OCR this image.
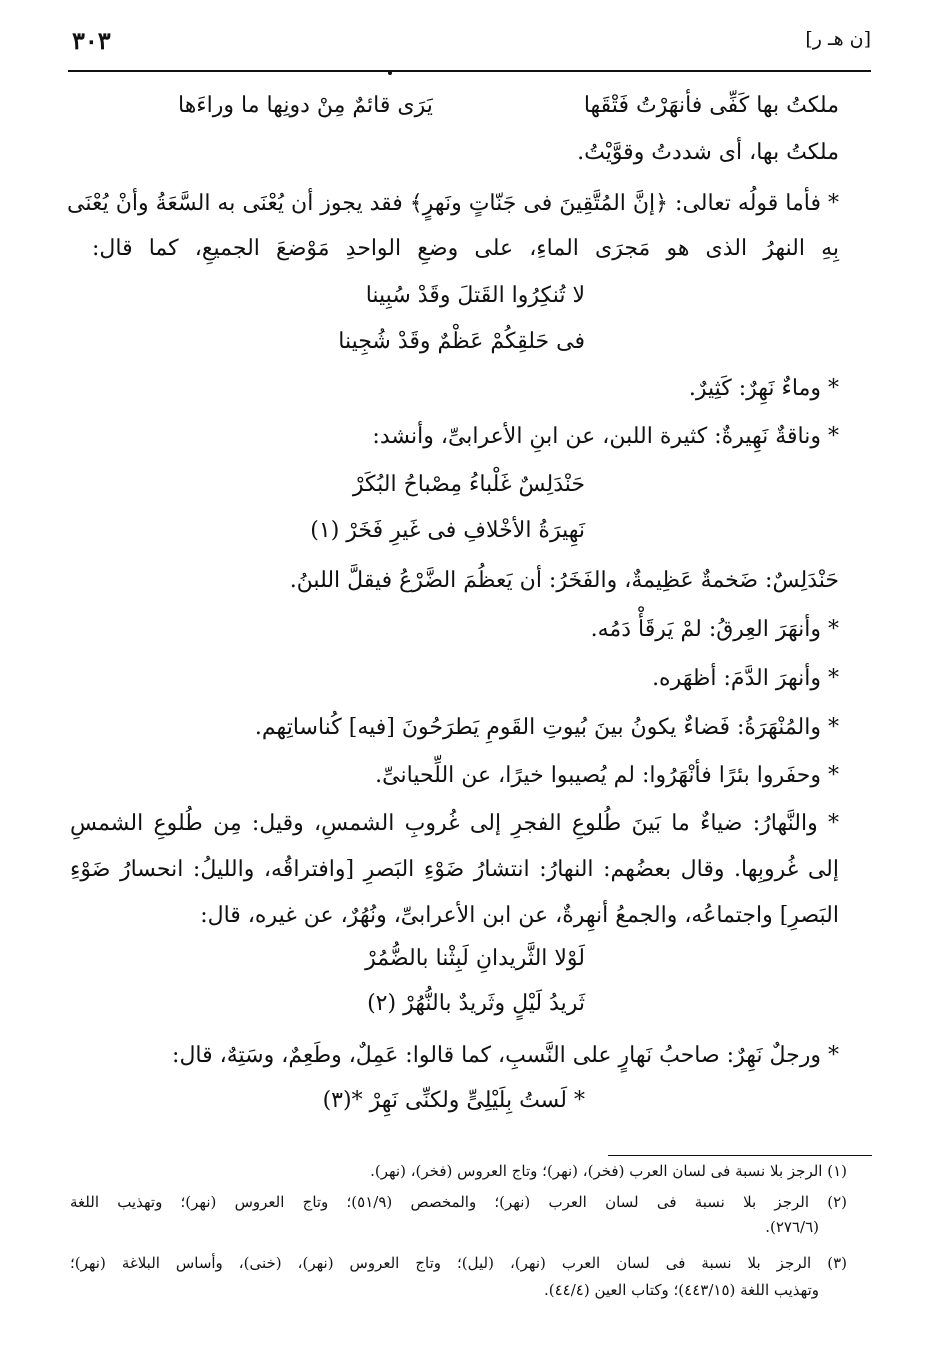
[ن هـ ر]
٣٠٣
ملكتُ بها كَفِّى فأنهَرْتُ فَتْقَها
يَرَى قائمٌ مِنْ دونِها ما وراءَها
ملكتُ بها، أى شددتُ وقوَّيْتُ.
* فأما قولُه تعالى: ﴿إنَّ المُتَّقِينَ فى جَنّاتٍ ونَهرٍ﴾ فقد يجوز أن يُعْنَى به السَّعَةُ وأنْ يُعْنَى
بِهِ النهرُ الذى هو مَجرَى الماءِ، على وضعِ الواحدِ مَوْضعَ الجميعِ، كما قال:
لا تُنكِرُوا القَتلَ وقَدْ سُبِينا
فى حَلقِكُمْ عَظْمٌ وقَدْ شُجِينا
* وماءٌ نَهِرٌ: كَثِيرٌ.
* وناقةٌ نَهِيرةٌ: كثيرة اللبن، عن ابنِ الأعرابىِّ، وأنشد:
حَنْدَلِسٌ غَلْباءُ مِصْباحُ البُكَرْ
نَهِيرَةُ الأخْلافِ فى غَيرِ فَخَرْ (١)
حَنْدَلِسٌ: ضَخمةٌ عَظِيمةٌ، والفَخَرُ: أن يَعظُمَ الضَّرْعُ فيقلَّ اللبنُ.
* وأنهَرَ العِرقُ: لمْ يَرقَأْ دَمُه.
* وأنهرَ الدَّمَ: أظهَره.
* والمُنْهَرَةُ: فَضاءٌ يكونُ بينَ بُيوتِ القَومِ يَطرَحُونَ [فيه] كُناساتِهم.
* وحفَروا بئرًا فأنْهَرُوا: لم يُصيبوا خيرًا، عن اللِّحيانىِّ.
* والنَّهارُ: ضياءٌ ما بَينَ طُلوعِ الفجرِ إلى غُروبِ الشمسِ، وقيل: مِن طُلوعِ الشمسِ
إلى غُروبِها. وقال بعضُهم: النهارُ: انتشارُ ضَوْءِ البَصرِ [وافتراقُه، والليلُ: انحسارُ ضَوْءِ
البَصرِ] واجتماعُه، والجمعُ أنهِرةٌ، عن ابن الأعرابىِّ، ونُهُرٌ، عن غيره، قال:
لَوْلا الثَّريدانِ لَبِثْنا بالضُّمُرْ
ثَريدُ لَيْلٍ وثَريدٌ بالنُّهُرْ (٢)
* ورجلٌ نَهِرٌ: صاحبُ نَهارٍ على النَّسبِ، كما قالوا: عَمِلٌ، وطَعِمٌ، وسَتِهٌ، قال:
* لَستُ بِلَيْلِىٍّ ولكنِّى نَهِرْ *(٣)
(١) الرجز بلا نسبة فى لسان العرب (فخر)، (نهر)؛ وتاج العروس (فخر)، (نهر).
(٢) الرجز بلا نسبة فى لسان العرب (نهر)؛ والمخصص (٥١/٩)؛ وتاج العروس (نهر)؛ وتهذيب اللغة
(٢٧٦/٦).
(٣) الرجز بلا نسبة فى لسان العرب (نهر)، (ليل)؛ وتاج العروس (نهر)، (خنى)، وأساس البلاغة (نهر)؛
وتهذيب اللغة (٤٤٣/١٥)؛ وكتاب العين (٤٤/٤).
